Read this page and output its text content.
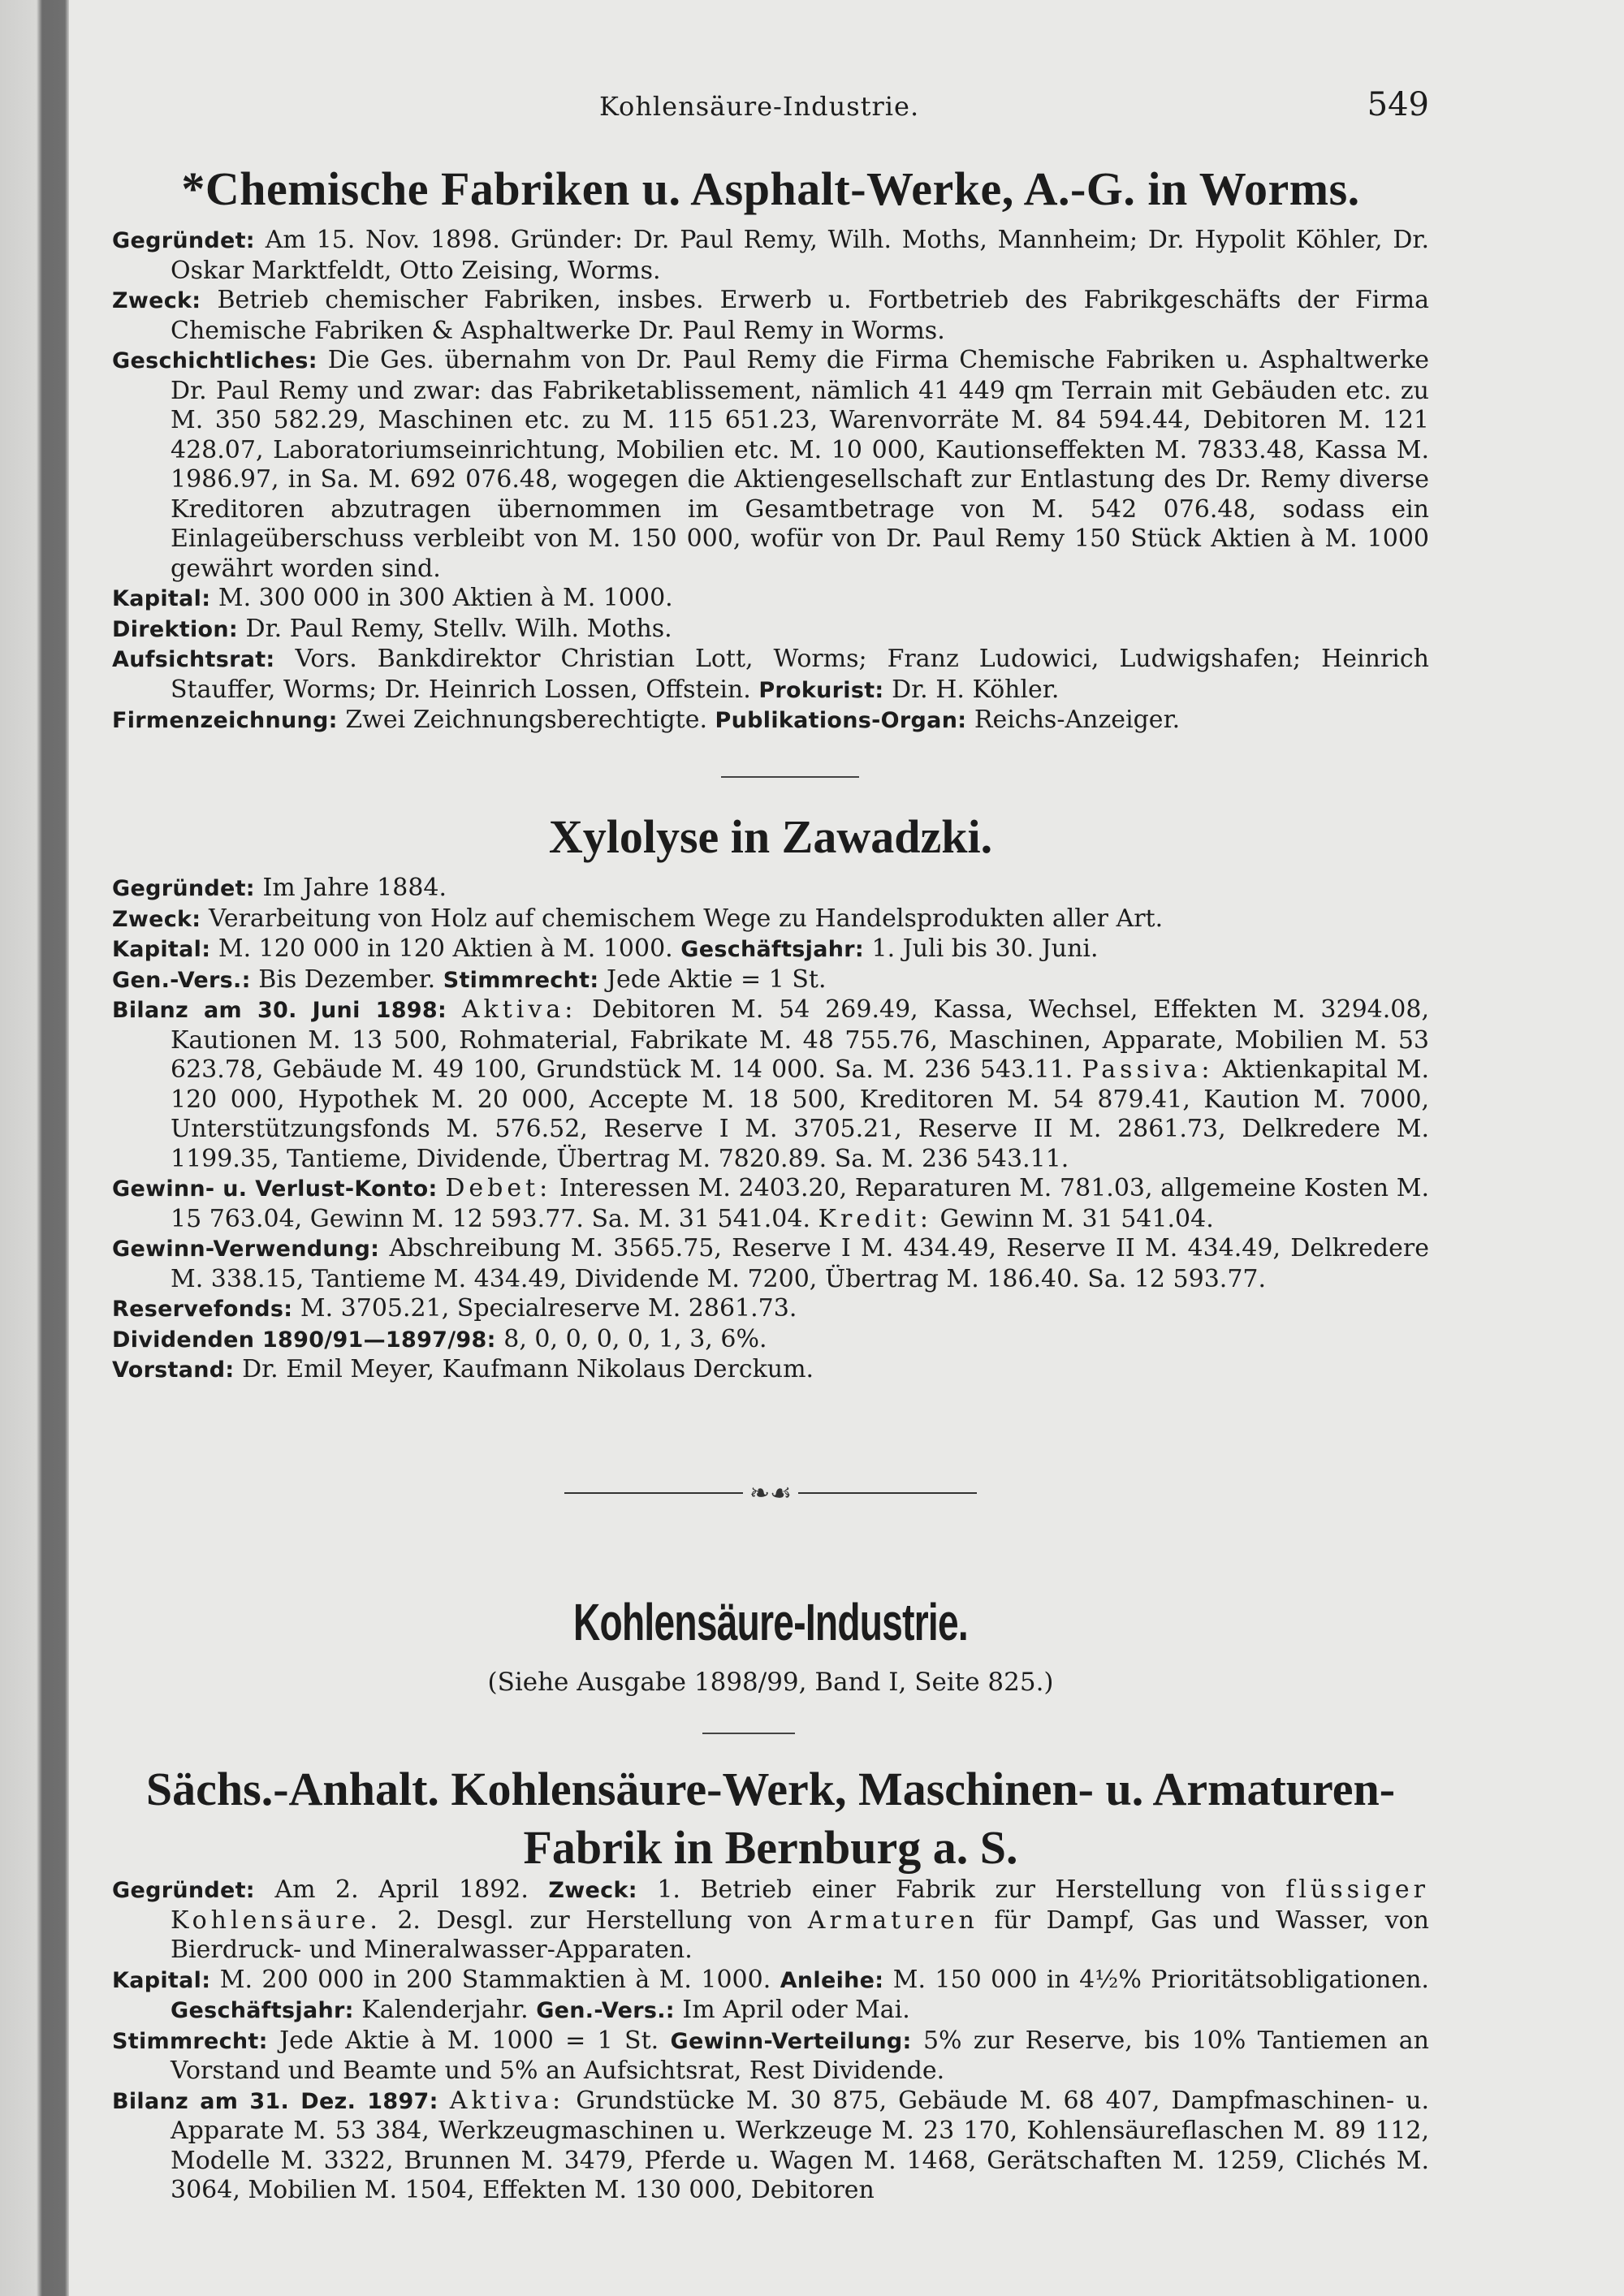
Kohlensäure-Industrie.	549
*Chemische Fabriken u. Asphalt-Werke, A.-G. in Worms.

Gegründet: Am 15. Nov. 1898. Gründer: Dr. Paul Remy, Wilh. Moths, Mannheim; Dr. Hypolit Köhler, Dr. Oskar Marktfeldt, Otto Zeising, Worms.

Zweck: Betrieb chemischer Fabriken, insbes. Erwerb u. Fortbetrieb des Fabrikgeschäfts der Firma Chemische Fabriken & Asphaltwerke Dr. Paul Remy in Worms.

Geschichtliches: Die Ges. übernahm von Dr. Paul Remy die Firma Chemische Fabriken u. Asphaltwerke Dr. Paul Remy und zwar: das Fabriketablissement, nämlich 41 449 qm Terrain mit Gebäuden etc. zu M. 350 582.29, Maschinen etc. zu M. 115 651.23, Warenvorräte M. 84 594.44, Debitoren M. 121 428.07, Laboratoriumseinrichtung, Mobilien etc. M. 10 000, Kautionseffekten M. 7833.48, Kassa M. 1986.97, in Sa. M. 692 076.48, wogegen die Aktiengesellschaft zur Entlastung des Dr. Remy diverse Kreditoren abzutragen übernommen im Gesamtbetrage von M. 542 076.48, sodass ein Einlageüberschuss verbleibt von M. 150 000, wofür von Dr. Paul Remy 150 Stück Aktien à M. 1000 gewährt worden sind.

Kapital: M. 300 000 in 300 Aktien à M. 1000.

Direktion: Dr. Paul Remy, Stellv. Wilh. Moths.

Aufsichtsrat: Vors. Bankdirektor Christian Lott, Worms; Franz Ludowici, Ludwigshafen; Heinrich Stauffer, Worms; Dr. Heinrich Lossen, Offstein. Prokurist: Dr. H. Köhler.

Firmenzeichnung: Zwei Zeichnungsberechtigte. Publikations-Organ: Reichs-Anzeiger.

Xylolyse in Zawadzki.

Gegründet: Im Jahre 1884.

Zweck: Verarbeitung von Holz auf chemischem Wege zu Handelsprodukten aller Art.

Kapital: M. 120 000 in 120 Aktien à M. 1000. Geschäftsjahr: 1. Juli bis 30. Juni.

Gen.-Vers.: Bis Dezember. Stimmrecht: Jede Aktie = 1 St.

Bilanz am 30. Juni 1898: Aktiva: Debitoren M. 54 269.49, Kassa, Wechsel, Effekten M. 3294.08, Kautionen M. 13 500, Rohmaterial, Fabrikate M. 48 755.76, Maschinen, Apparate, Mobilien M. 53 623.78, Gebäude M. 49 100, Grundstück M. 14 000. Sa. M. 236 543.11. Passiva: Aktienkapital M. 120 000, Hypothek M. 20 000, Accepte M. 18 500, Kreditoren M. 54 879.41, Kaution M. 7000, Unterstützungsfonds M. 576.52, Reserve I M. 3705.21, Reserve II M. 2861.73, Delkredere M. 1199.35, Tantieme, Dividende, Übertrag M. 7820.89. Sa. M. 236 543.11.

Gewinn- u. Verlust-Konto: Debet: Interessen M. 2403.20, Reparaturen M. 781.03, allgemeine Kosten M. 15 763.04, Gewinn M. 12 593.77. Sa. M. 31 541.04. Kredit: Gewinn M. 31 541.04.

Gewinn-Verwendung: Abschreibung M. 3565.75, Reserve I M. 434.49, Reserve II M. 434.49, Delkredere M. 338.15, Tantieme M. 434.49, Dividende M. 7200, Übertrag M. 186.40. Sa. 12 593.77.

Reservefonds: M. 3705.21, Specialreserve M. 2861.73.

Dividenden 1890/91—1897/98: 8, 0, 0, 0, 0, 1, 3, 6%.

Vorstand: Dr. Emil Meyer, Kaufmann Nikolaus Derckum.

❧☙
Kohlensäure-Industrie.
(Siehe Ausgabe 1898/99, Band I, Seite 825.)
Sächs.-Anhalt. Kohlensäure-Werk, Maschinen- u. Armaturen-
Fabrik in Bernburg a. S.

Gegründet: Am 2. April 1892. Zweck: 1. Betrieb einer Fabrik zur Herstellung von flüssiger Kohlensäure. 2. Desgl. zur Herstellung von Armaturen für Dampf, Gas und Wasser, von Bierdruck- und Mineralwasser-Apparaten.

Kapital: M. 200 000 in 200 Stammaktien à M. 1000. Anleihe: M. 150 000 in 4½% Prioritätsobligationen. Geschäftsjahr: Kalenderjahr. Gen.-Vers.: Im April oder Mai.

Stimmrecht: Jede Aktie à M. 1000 = 1 St. Gewinn-Verteilung: 5% zur Reserve, bis 10% Tantiemen an Vorstand und Beamte und 5% an Aufsichtsrat, Rest Dividende.

Bilanz am 31. Dez. 1897: Aktiva: Grundstücke M. 30 875, Gebäude M. 68 407, Dampfmaschinen- u. Apparate M. 53 384, Werkzeugmaschinen u. Werkzeuge M. 23 170, Kohlensäureflaschen M. 89 112, Modelle M. 3322, Brunnen M. 3479, Pferde u. Wagen M. 1468, Gerätschaften M. 1259, Clichés M. 3064, Mobilien M. 1504, Effekten M. 130 000, Debitoren
